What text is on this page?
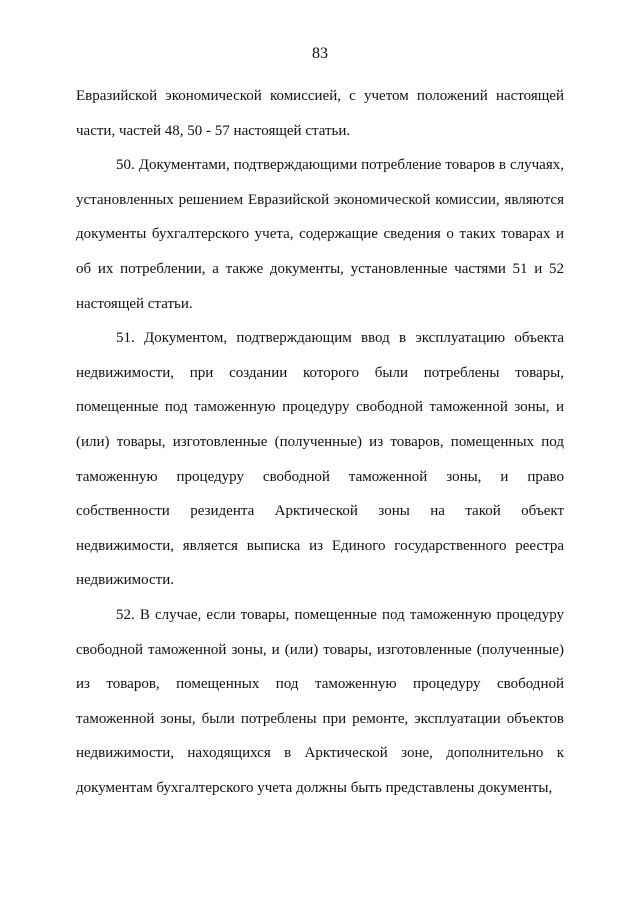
83

Евразийской экономической комиссией, с учетом положений настоящей части, частей 48, 50 - 57 настоящей статьи.

50. Документами, подтверждающими потребление товаров в случаях, установленных решением Евразийской экономической комиссии, являются документы бухгалтерского учета, содержащие сведения о таких товарах и об их потреблении, а также документы, установленные частями 51 и 52 настоящей статьи.

51. Документом, подтверждающим ввод в эксплуатацию объекта недвижимости, при создании которого были потреблены товары, помещенные под таможенную процедуру свободной таможенной зоны, и (или) товары, изготовленные (полученные) из товаров, помещенных под таможенную процедуру свободной таможенной зоны, и право собственности резидента Арктической зоны на такой объект недвижимости, является выписка из Единого государственного реестра недвижимости.

52. В случае, если товары, помещенные под таможенную процедуру свободной таможенной зоны, и (или) товары, изготовленные (полученные) из товаров, помещенных под таможенную процедуру свободной таможенной зоны, были потреблены при ремонте, эксплуатации объектов недвижимости, находящихся в Арктической зоне, дополнительно к документам бухгалтерского учета должны быть представлены документы,
